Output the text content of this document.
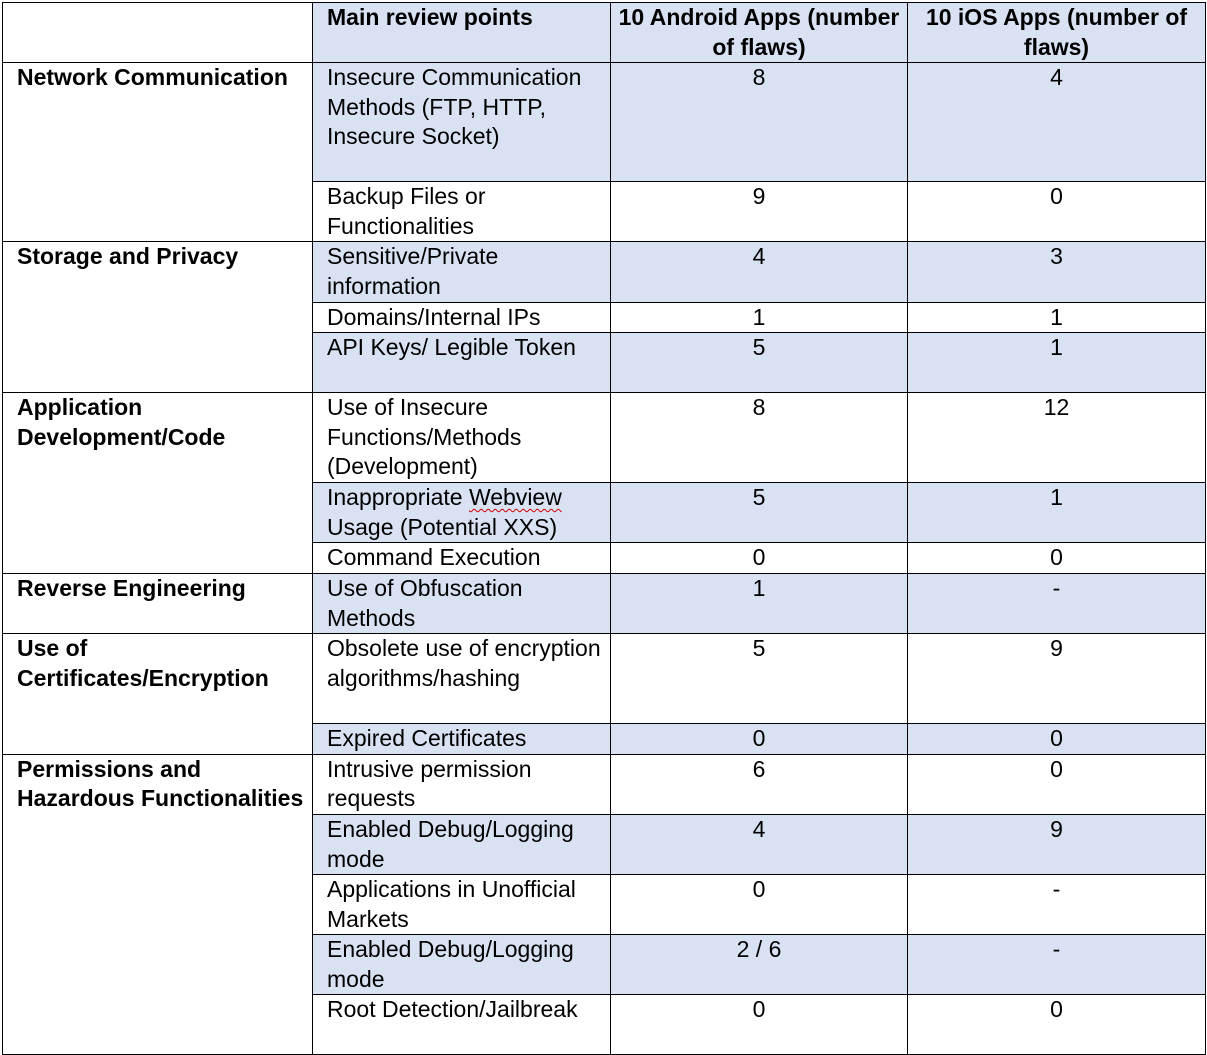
	Main review points	10 Android Apps (number of flaws)	10 iOS Apps (number of flaws)
Network Communication	Insecure Communication Methods (FTP, HTTP, Insecure Socket)	8	4
	Backup Files or Functionalities	9	0
Storage and Privacy	Sensitive/Private information	4	3
	Domains/Internal IPs	1	1
	API Keys/ Legible Token	5	1
Application Development/Code	Use of Insecure Functions/Methods (Development)	8	12
	Inappropriate Webview Usage (Potential XXS)	5	1
	Command Execution	0	0
Reverse Engineering	Use of Obfuscation Methods	1	-
Use of Certificates/Encryption	Obsolete use of encryption algorithms/hashing	5	9
	Expired Certificates	0	0
Permissions and Hazardous Functionalities	Intrusive permission requests	6	0
	Enabled Debug/Logging mode	4	9
	Applications in Unofficial Markets	0	-
	Enabled Debug/Logging mode	2 / 6	-
	Root Detection/Jailbreak	0	0
